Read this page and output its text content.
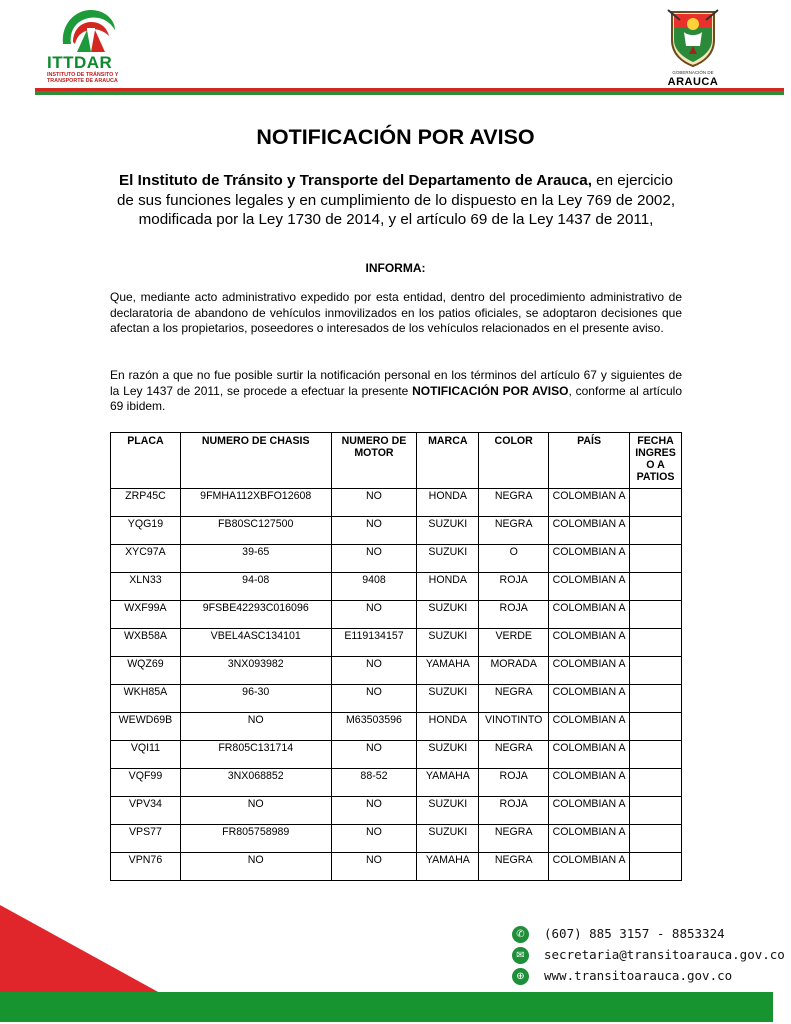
ITTDAR
INSTITUTO DE TRÁNSITO Y TRANSPORTE DE ARAUCA
GOBERNACIÓN DE
ARAUCA
NOTIFICACIÓN POR AVISO
El Instituto de Tránsito y Transporte del Departamento de Arauca, en ejercicio de sus funciones legales y en cumplimiento de lo dispuesto en la Ley 769 de 2002, modificada por la Ley 1730 de 2014, y el artículo 69 de la Ley 1437 de 2011,
INFORMA:
Que, mediante acto administrativo expedido por esta entidad, dentro del procedimiento administrativo de declaratoria de abandono de vehículos inmovilizados en los patios oficiales, se adoptaron decisiones que afectan a los propietarios, poseedores o interesados de los vehículos relacionados en el presente aviso.
En razón a que no fue posible surtir la notificación personal en los términos del artículo 67 y siguientes de la Ley 1437 de 2011, se procede a efectuar la presente NOTIFICACIÓN POR AVISO, conforme al artículo 69 ibidem.
PLACA	NUMERO DE CHASIS	NUMERO DE MOTOR	MARCA	COLOR	PAÍS	FECHA INGRES O A PATIOS
ZRP45C	9FMHA112XBFO12608	NO	HONDA	NEGRA	COLOMBIAN A	
YQG19	FB80SC127500	NO	SUZUKI	NEGRA	COLOMBIAN A	
XYC97A	39-65	NO	SUZUKI	O	COLOMBIAN A	
XLN33	94-08	9408	HONDA	ROJA	COLOMBIAN A	
WXF99A	9FSBE42293C016096	NO	SUZUKI	ROJA	COLOMBIAN A	
WXB58A	VBEL4ASC134101	E119134157	SUZUKI	VERDE	COLOMBIAN A	
WQZ69	3NX093982	NO	YAMAHA	MORADA	COLOMBIAN A	
WKH85A	96-30	NO	SUZUKI	NEGRA	COLOMBIAN A	
WEWD69B	NO	M63503596	HONDA	VINOTINTO	COLOMBIAN A	
VQI11	FR805C131714	NO	SUZUKI	NEGRA	COLOMBIAN A	
VQF99	3NX068852	88-52	YAMAHA	ROJA	COLOMBIAN A	
VPV34	NO	NO	SUZUKI	ROJA	COLOMBIAN A	
VPS77	FR805758989	NO	SUZUKI	NEGRA	COLOMBIAN A	
VPN76	NO	NO	YAMAHA	NEGRA	COLOMBIAN A	
✆	(607) 885 3157 - 8853324
✉	secretaria@transitoarauca.gov.co
⊕	www.transitoarauca.gov.co
